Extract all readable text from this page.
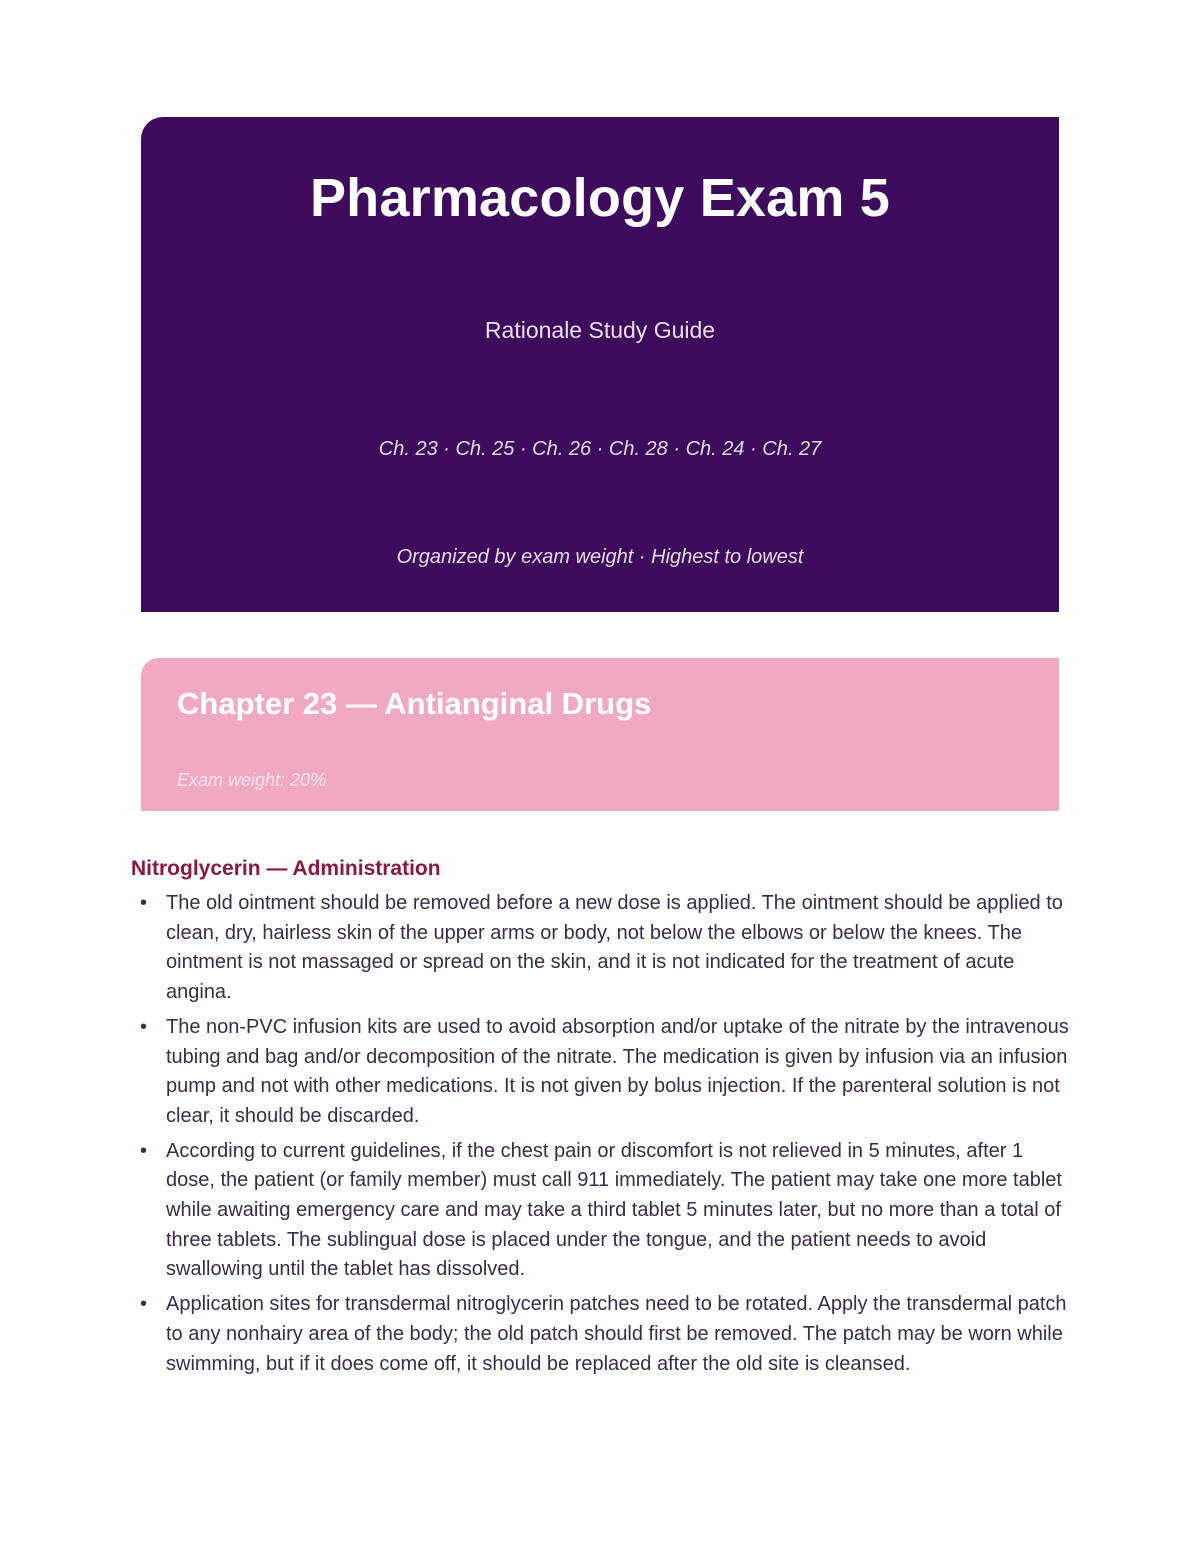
Pharmacology Exam 5
Rationale Study Guide
Ch. 23 · Ch. 25 · Ch. 26 · Ch. 28 · Ch. 24 · Ch. 27
Organized by exam weight · Highest to lowest
Chapter 23 — Antianginal Drugs
Exam weight: 20%
Nitroglycerin — Administration
• The old ointment should be removed before a new dose is applied. The ointment should be applied to clean, dry, hairless skin of the upper arms or body, not below the elbows or below the knees. The ointment is not massaged or spread on the skin, and it is not indicated for the treatment of acute angina.
• The non-PVC infusion kits are used to avoid absorption and/or uptake of the nitrate by the intravenous tubing and bag and/or decomposition of the nitrate. The medication is given by infusion via an infusion pump and not with other medications. It is not given by bolus injection. If the parenteral solution is not clear, it should be discarded.
• According to current guidelines, if the chest pain or discomfort is not relieved in 5 minutes, after 1 dose, the patient (or family member) must call 911 immediately. The patient may take one more tablet while awaiting emergency care and may take a third tablet 5 minutes later, but no more than a total of three tablets. The sublingual dose is placed under the tongue, and the patient needs to avoid swallowing until the tablet has dissolved.
• Application sites for transdermal nitroglycerin patches need to be rotated. Apply the transdermal patch to any nonhairy area of the body; the old patch should first be removed. The patch may be worn while swimming, but if it does come off, it should be replaced after the old site is cleansed.
